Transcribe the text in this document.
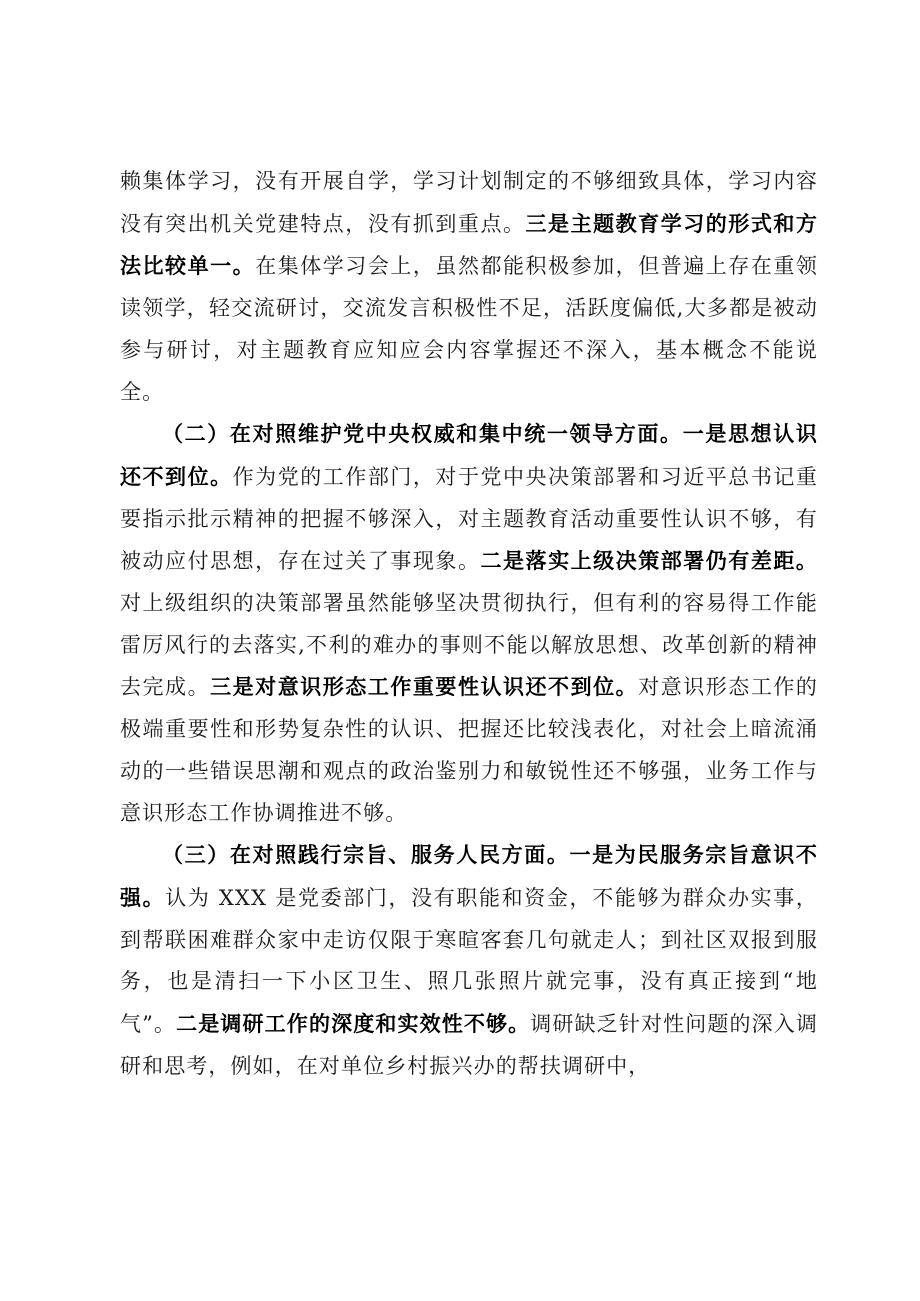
赖集体学习，没有开展自学，学习计划制定的不够细致具体，学习内容没有突出机关党建特点，没有抓到重点。三是主题教育学习的形式和方法比较单一。在集体学习会上，虽然都能积极参加，但普遍上存在重领读领学，轻交流研讨，交流发言积极性不足，活跃度偏低,大多都是被动参与研讨，对主题教育应知应会内容掌握还不深入，基本概念不能说全。

（二）在对照维护党中央权威和集中统一领导方面。一是思想认识还不到位。作为党的工作部门，对于党中央决策部署和习近平总书记重要指示批示精神的把握不够深入，对主题教育活动重要性认识不够，有被动应付思想，存在过关了事现象。二是落实上级决策部署仍有差距。对上级组织的决策部署虽然能够坚决贯彻执行，但有利的容易得工作能雷厉风行的去落实,不利的难办的事则不能以解放思想、改革创新的精神去完成。三是对意识形态工作重要性认识还不到位。对意识形态工作的极端重要性和形势复杂性的认识、把握还比较浅表化，对社会上暗流涌动的一些错误思潮和观点的政治鉴别力和敏锐性还不够强，业务工作与意识形态工作协调推进不够。

（三）在对照践行宗旨、服务人民方面。一是为民服务宗旨意识不强。认为 XXX 是党委部门，没有职能和资金，不能够为群众办实事，到帮联困难群众家中走访仅限于寒暄客套几句就走人；到社区双报到服务，也是清扫一下小区卫生、照几张照片就完事，没有真正接到“地气”。二是调研工作的深度和实效性不够。调研缺乏针对性问题的深入调研和思考，例如，在对单位乡村振兴办的帮扶调研中，
